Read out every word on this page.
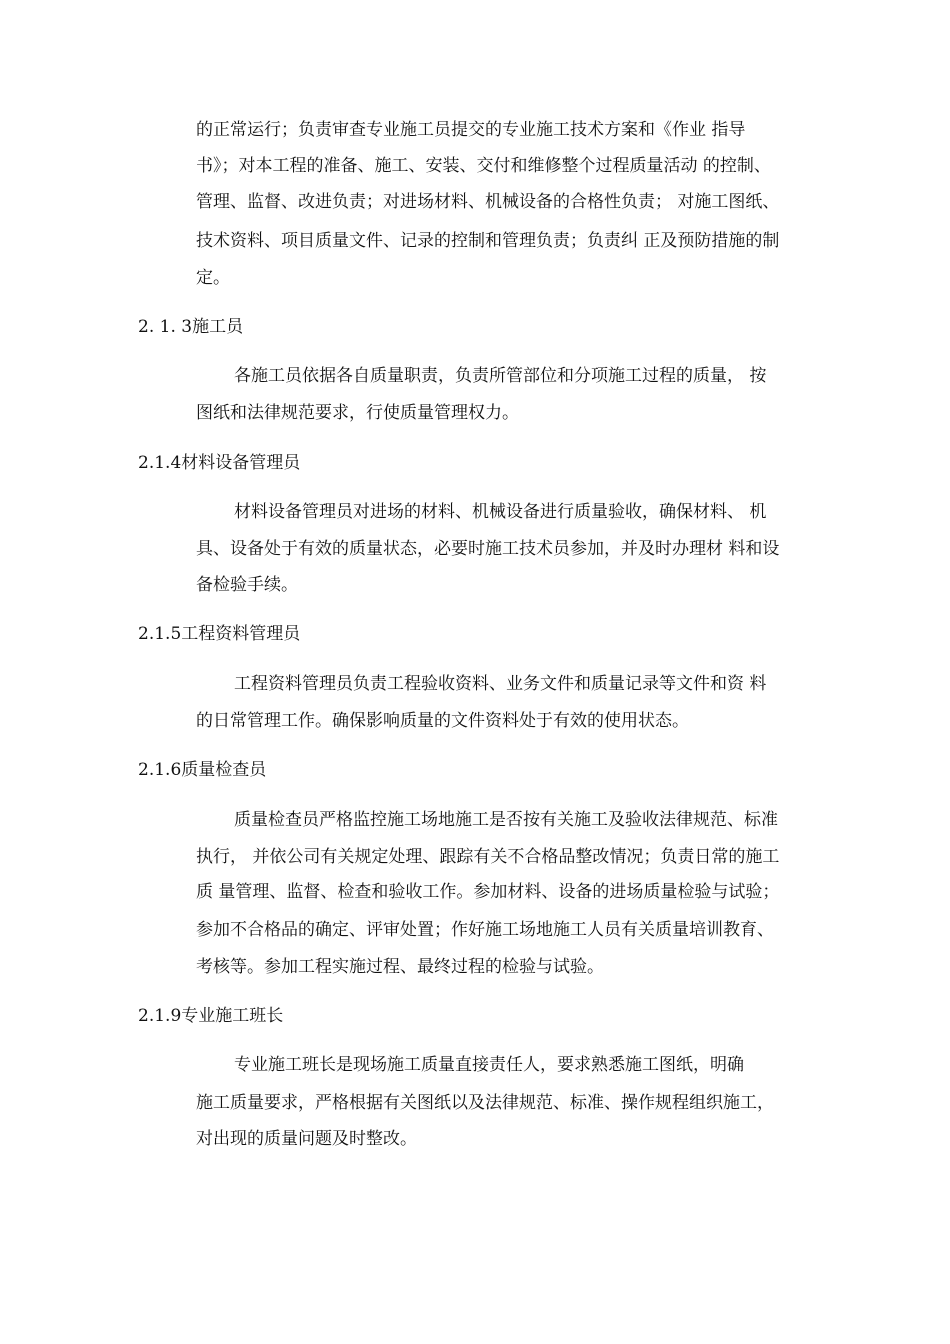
的正常运行；负责审查专业施工员提交的专业施工技术方案和《作业 指导

书》；对本工程的准备、施工、安装、交付和维修整个过程质量活动 的控制、

管理、监督、改进负责；对进场材料、机械设备的合格性负责； 对施工图纸、

技术资料、项目质量文件、记录的控制和管理负责；负责纠 正及预防措施的制

定。

2. 1. 3施工员

各施工员依据各自质量职责，负责所管部位和分项施工过程的质量， 按

图纸和法律规范要求，行使质量管理权力。

2.1.4材料设备管理员

材料设备管理员对进场的材料、机械设备进行质量验收，确保材料、 机

具、设备处于有效的质量状态，必要时施工技术员参加，并及时办理材 料和设

备检验手续。

2.1.5工程资料管理员

工程资料管理员负责工程验收资料、业务文件和质量记录等文件和资 料

的日常管理工作。确保影响质量的文件资料处于有效的使用状态。

2.1.6质量检查员

质量检查员严格监控施工场地施工是否按有关施工及验收法律规范、标准

执行， 并依公司有关规定处理、跟踪有关不合格品整改情况；负责日常的施工

质 量管理、监督、检查和验收工作。参加材料、设备的进场质量检验与试验；

参加不合格品的确定、评审处置；作好施工场地施工人员有关质量培训教育、

考核等。参加工程实施过程、最终过程的检验与试验。

2.1.9专业施工班长

专业施工班长是现场施工质量直接责任人，要求熟悉施工图纸，明确

施工质量要求，严格根据有关图纸以及法律规范、标准、操作规程组织施工，

对出现的质量问题及时整改。
